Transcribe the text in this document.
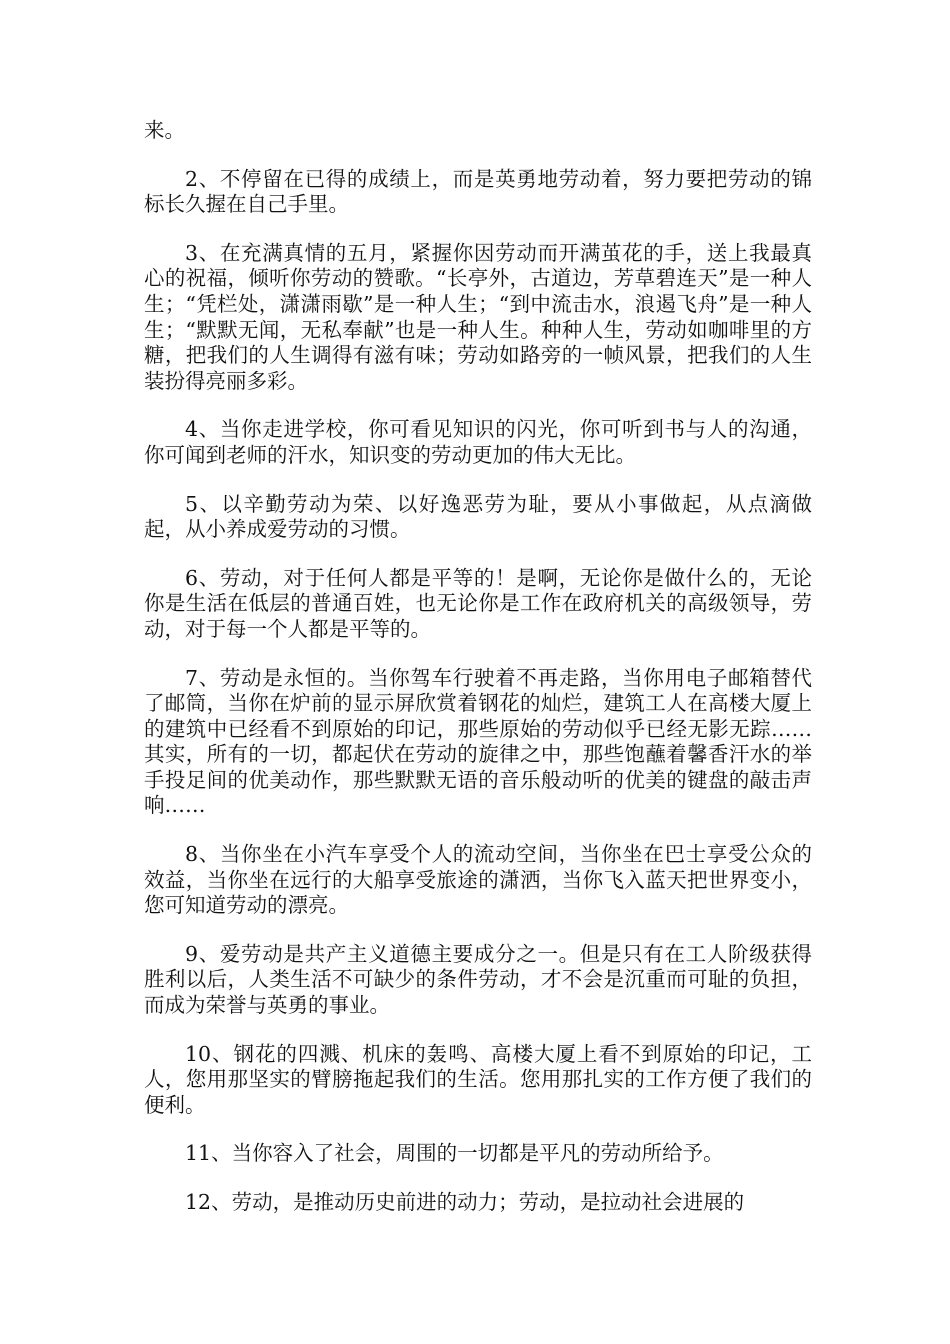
来。

2、不停留在已得的成绩上，而是英勇地劳动着，努力要把劳动的锦标长久握在自己手里。

3、在充满真情的五月，紧握你因劳动而开满茧花的手，送上我最真心的祝福，倾听你劳动的赞歌。“长亭外，古道边，芳草碧连天”是一种人生；“凭栏处，潇潇雨歇”是一种人生；“到中流击水，浪遏飞舟”是一种人生；“默默无闻，无私奉献”也是一种人生。种种人生，劳动如咖啡里的方糖，把我们的人生调得有滋有味；劳动如路旁的一帧风景，把我们的人生装扮得亮丽多彩。

4、当你走进学校，你可看见知识的闪光，你可听到书与人的沟通，你可闻到老师的汗水，知识变的劳动更加的伟大无比。

5、以辛勤劳动为荣、以好逸恶劳为耻，要从小事做起，从点滴做起，从小养成爱劳动的习惯。

6、劳动，对于任何人都是平等的！是啊，无论你是做什么的，无论你是生活在低层的普通百姓，也无论你是工作在政府机关的高级领导，劳动，对于每一个人都是平等的。

7、劳动是永恒的。当你驾车行驶着不再走路，当你用电子邮箱替代了邮筒，当你在炉前的显示屏欣赏着钢花的灿烂，建筑工人在高楼大厦上的建筑中已经看不到原始的印记，那些原始的劳动似乎已经无影无踪……其实，所有的一切，都起伏在劳动的旋律之中，那些饱蘸着馨香汗水的举手投足间的优美动作，那些默默无语的音乐般动听的优美的键盘的敲击声响……

8、当你坐在小汽车享受个人的流动空间，当你坐在巴士享受公众的效益，当你坐在远行的大船享受旅途的潇洒，当你飞入蓝天把世界变小，您可知道劳动的漂亮。

9、爱劳动是共产主义道德主要成分之一。但是只有在工人阶级获得胜利以后，人类生活不可缺少的条件劳动，才不会是沉重而可耻的负担，而成为荣誉与英勇的事业。

10、钢花的四溅、机床的轰鸣、高楼大厦上看不到原始的印记，工人，您用那坚实的臂膀拖起我们的生活。您用那扎实的工作方便了我们的便利。

11、当你容入了社会，周围的一切都是平凡的劳动所给予。

12、劳动，是推动历史前进的动力；劳动，是拉动社会进展的
